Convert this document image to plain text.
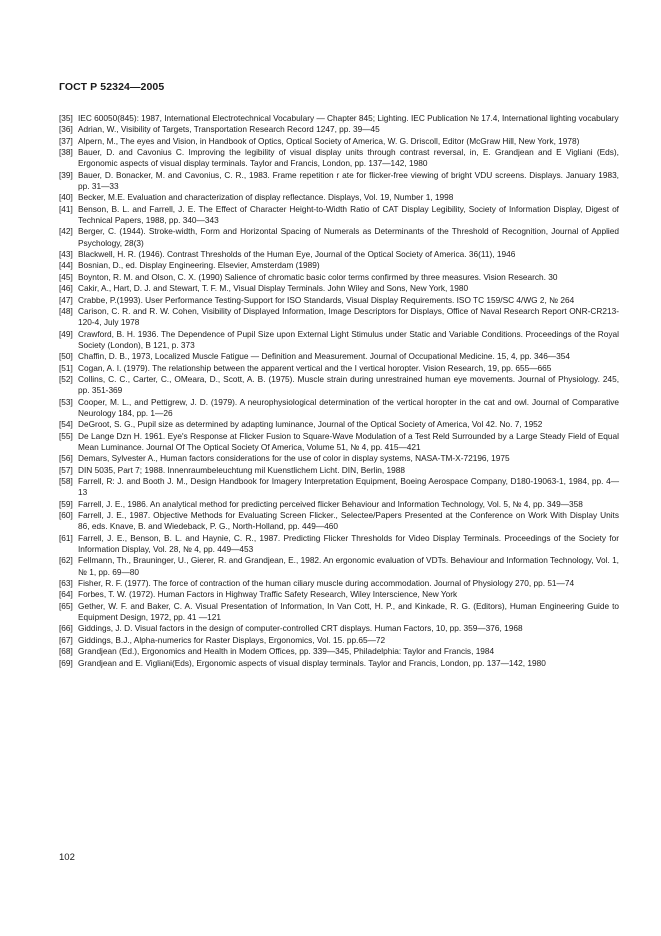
ГОСТ Р 52324—2005
[35] IEC 60050(845): 1987, International Electrotechnical Vocabulary — Chapter 845; Lighting. IEC Publication № 17.4, International lighting vocabulary
[36] Adrian, W., Visibility of Targets, Transportation Research Record 1247, pp. 39—45
[37] Alpern, M., The eyes and Vision, in Handbook of Optics, Optical Society of America, W. G. Driscoll, Editor (McGraw Hill, New York, 1978)
[38] Bauer, D. and Cavonius C. Improving the legibility of visual display units through contrast reversal, in, E. Grandjean and E Vigliani (Eds), Ergonomic aspects of visual display terminals. Taylor and Francis, London, pp. 137—142, 1980
[39] Bauer, D. Bonacker, M. and Cavonius, C. R., 1983. Frame repetition r ate for flicker-free viewing of bright VDU screens. Displays. January 1983, pp. 31—33
[40] Becker, M.E. Evaluation and characterization of display reflectance. Displays, Vol. 19, Number 1, 1998
[41] Benson, B. L. and Farrell, J. E. The Effect of Character Height-to-Width Ratio of CAT Display Legibility, Society of Information Display, Digest of Technical Papers, 1988, pp. 340—343
[42] Berger, C. (1944). Stroke-width, Form and Horizontal Spacing of Numerals as Determinants of the Threshold of Recognition, Journal of Applied Psychology, 28(3)
[43] Blackwell, H. R. (1946). Contrast Thresholds of the Human Eye, Journal of the Optical Society of America. 36(11), 1946
[44] Bosnian, D., ed. Display Engineering. Elsevier, Amsterdam (1989)
[45] Boynton, R. M. and Olson, C. X. (1990) Salience of chromatic basic color terms confirmed by three measures. Vision Research. 30
[46] Cakir, A., Hart, D. J. and Stewart, T. F. M., Visual Display Terminals. John Wiley and Sons, New York, 1980
[47] Crabbe, P.(1993). User Performance Testing-Support for ISO Standards, Visual Display Requirements. ISO TC 159/SC 4/WG 2, № 264
[48] Carison, C. R. and R. W. Cohen, Visibility of Displayed Information, Image Descriptors for Displays, Office of Naval Research Report ONR-CR213-120-4, July 1978
[49] Crawford, B. H. 1936. The Dependence of Pupil Size upon External Light Stimulus under Static and Variable Conditions. Proceedings of the Royal Society (London), B 121, p. 373
[50] Chaffin, D. B., 1973, Localized Muscle Fatigue — Definition and Measurement. Journal of Occupational Medicine. 15, 4, pp. 346—354
[51] Cogan, A. I. (1979). The relationship between the apparent vertical and the I vertical horopter. Vision Research, 19, pp. 655—665
[52] Collins, C. C., Carter, C., OMeara, D., Scott, A. B. (1975). Muscle strain during unrestrained human eye movements. Journal of Physiology. 245, pp. 351-369
[53] Cooper, M. L., and Pettigrew, J. D. (1979). A neurophysiological determination of the vertical horopter in the cat and owl. Journal of Comparative Neurology 184, pp. 1—26
[54] DeGroot, S. G., Pupil size as determined by adapting luminance, Journal of the Optical Society of America, Vol 42. No. 7, 1952
[55] De Lange Dzn H. 1961. Eye's Response at Flicker Fusion to Square-Wave Modulation of a Test Reld Surrounded by a Large Steady Field of Equal Mean Luminance. Journal Of The Optical Society Of America, Volume 51, № 4, pp. 415—421
[56] Demars, Sylvester A., Human factors considerations for the use of color in display systems, NASA-TM-X-72196, 1975
[57] DIN 5035, Part 7; 1988. Innenraumbeleuchtung mil Kuenstlichem Licht. DIN, Berlin, 1988
[58] Farrell, R: J. and Booth J. M., Design Handbook for Imagery Interpretation Equipment, Boeing Aerospace Company, D180-19063-1, 1984, pp. 4—13
[59] Farrell, J. E., 1986. An analytical method for predicting perceived flicker Behaviour and Information Technology, Vol. 5, № 4, pp. 349—358
[60] Farrell, J. E., 1987. Objective Methods for Evaluating Screen Flicker., Selectee/Papers Presented at the Conference on Work With Display Units 86, eds. Knave, B. and Wiedeback, P. G., North-Holland, pp. 449—460
[61] Farrell, J. E., Benson, B. L. and Haynie, C. R., 1987. Predicting Flicker Thresholds for Video Display Terminals. Proceedings of the Society for Information Display, Vol. 28, № 4, pp. 449—453
[62] Fellmann, Th., Brauninger, U., Gierer, R. and Grandjean, E., 1982. An ergonomic evaluation of VDTs. Behaviour and Information Technology, Vol. 1, № 1, pp. 69—80
[63] Fisher, R. F. (1977). The force of contraction of the human ciliary muscle during accommodation. Journal of Physiology 270, pp. 51—74
[64] Forbes, T. W. (1972). Human Factors in Highway Traffic Safety Research, Wiley Interscience, New York
[65] Gether, W. F. and Baker, C. A. Visual Presentation of Information, In Van Cott, H. P., and Kinkade, R. G. (Editors), Human Engineering Guide to Equipment Design, 1972, pp. 41 —121
[66] Giddings, J. D. Visual factors in the design of computer-controlled CRT displays. Human Factors, 10, pp. 359—376, 1968
[67] Giddings, B.J., Alpha-numerics for Raster Displays, Ergonomics, Vol. 15. pp.65—72
[68] Grandjean (Ed.), Ergonomics and Health in Modem Offices, pp. 339—345, Philadelphia: Taylor and Francis, 1984
[69] Grandjean and E. Vigliani(Eds), Ergonomic aspects of visual display terminals. Taylor and Francis, London, pp. 137—142, 1980
102
